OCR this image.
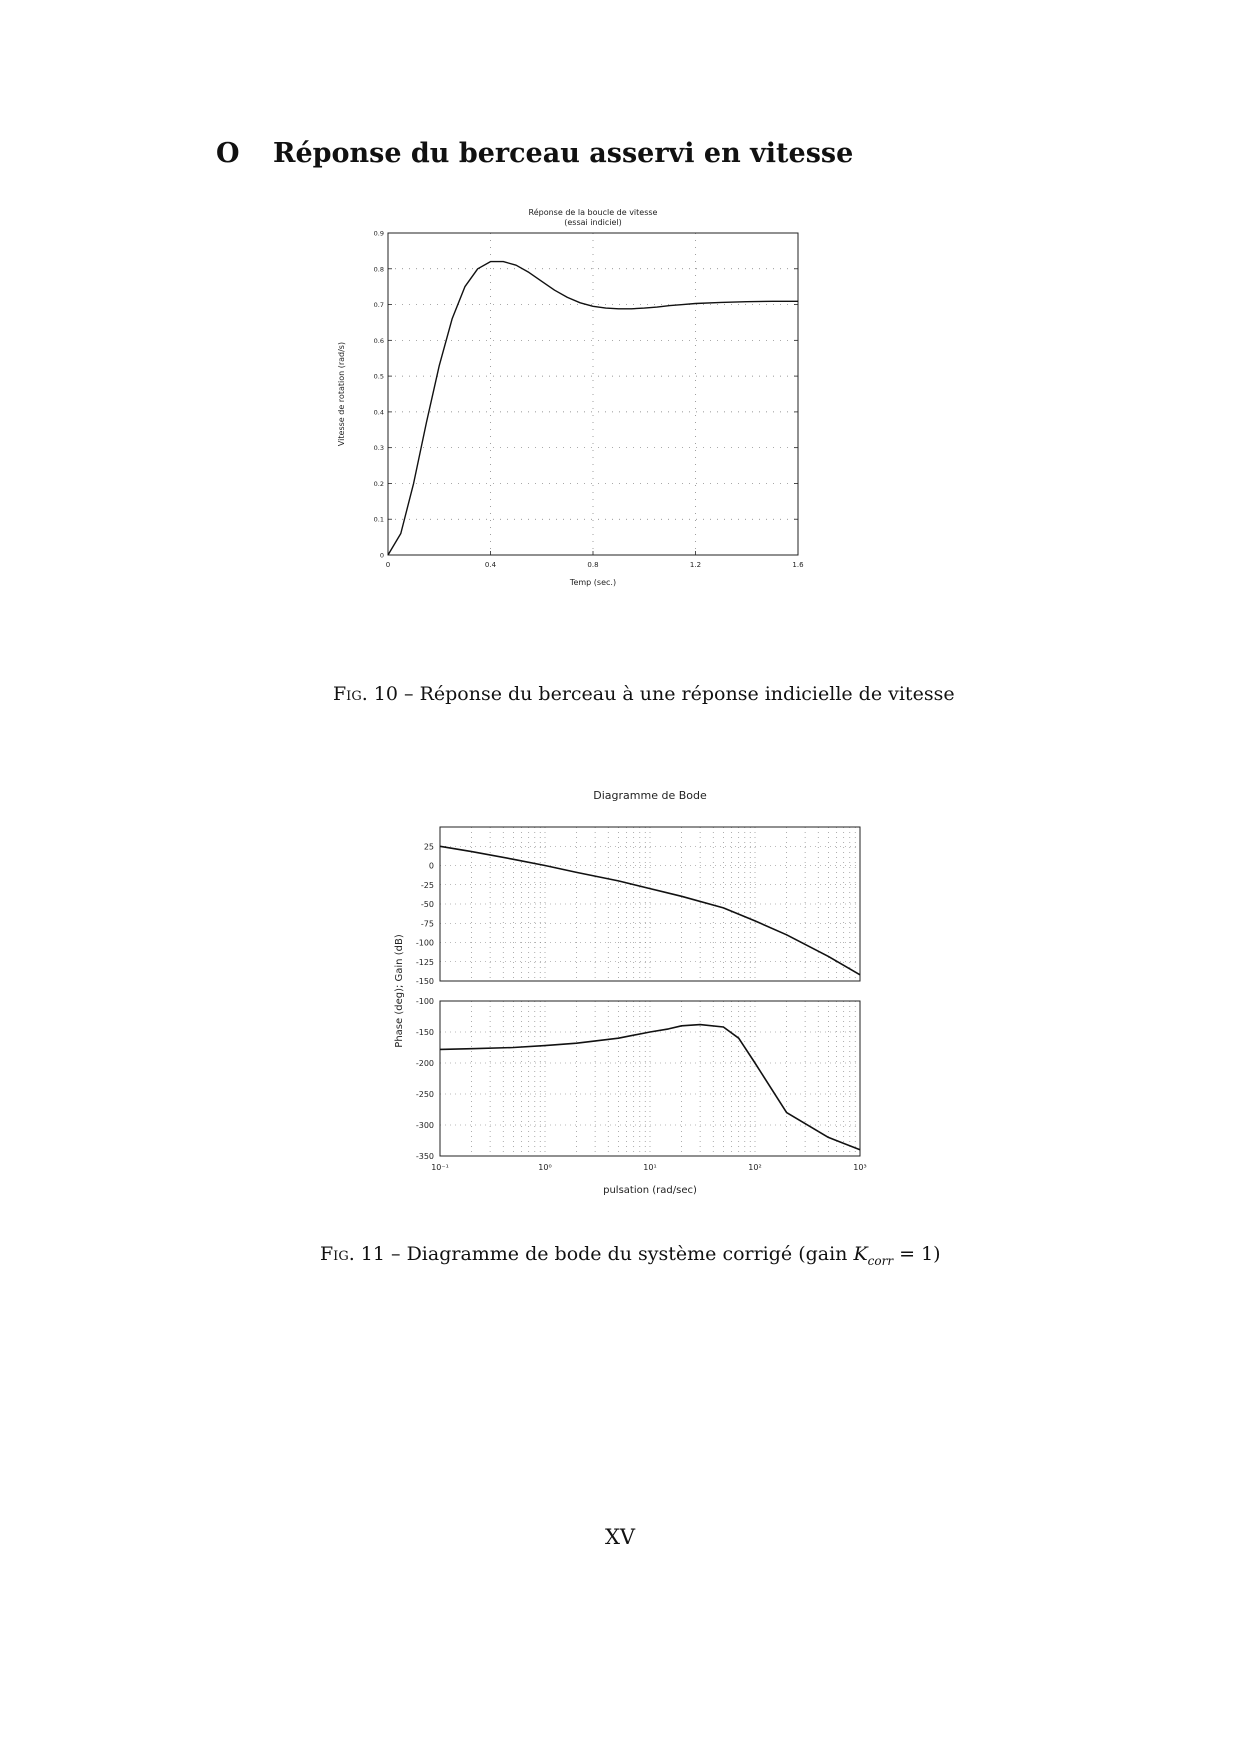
O Réponse du berceau asservi en vitesse
Réponse de la boucle de vitesse
(essai indiciel)
0	0.4	0.8	1.2	1.6
0
0.1
0.2
0.3
0.4
0.5
0.6
0.7
0.8
0.9
Temp (sec.)
Vitesse de rotation (rad/s)
Fig. 10 – Réponse du berceau à une réponse indicielle de vitesse
Diagramme de Bode
25
0
-25
-50
-75
-100
-125
-150
-100
-150
-200
-250
-300
-350
10⁻¹	10⁰	10¹	10²	10³
pulsation (rad/sec)
Phase (deg); Gain (dB)
Fig. 11 – Diagramme de bode du système corrigé (gain $K_{corr} = 1$)
XV
